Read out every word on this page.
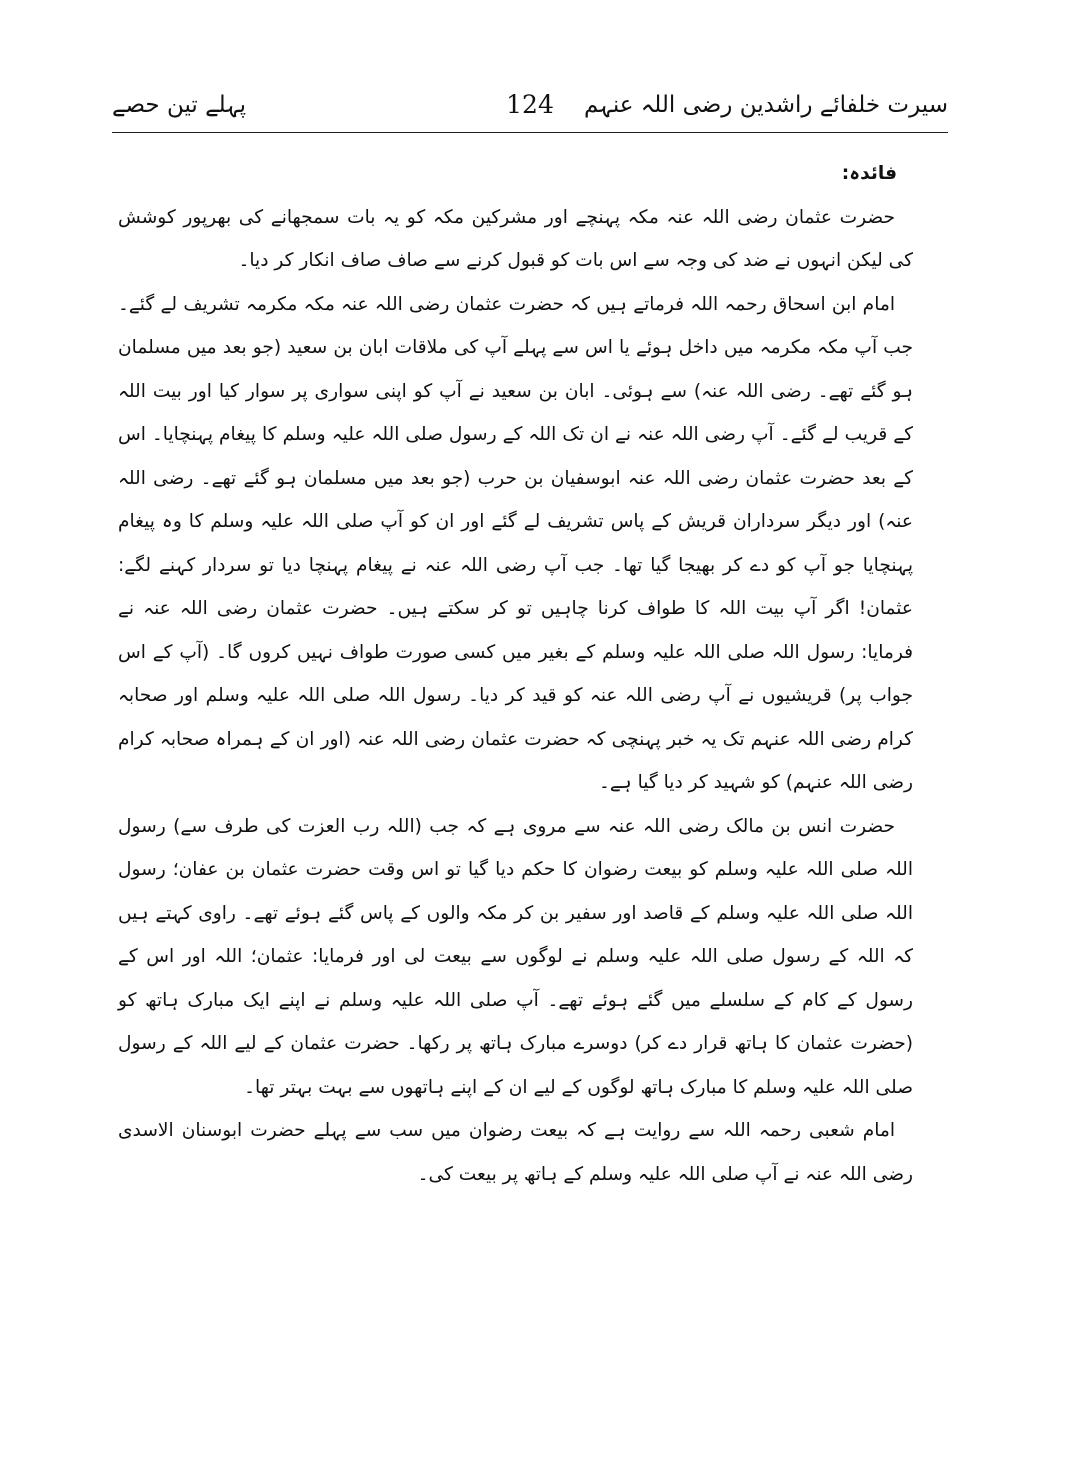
سیرت خلفائے راشدین رضی اللہ عنہم
124
پہلے تین حصے
فائدہ:

حضرت عثمان رضی اللہ عنہ مکہ پہنچے اور مشرکین مکہ کو یہ بات سمجھانے کی بھرپور کوشش کی لیکن انہوں نے ضد کی وجہ سے اس بات کو قبول کرنے سے صاف صاف انکار کر دیا۔

امام ابن اسحاق رحمہ اللہ فرماتے ہیں کہ حضرت عثمان رضی اللہ عنہ مکہ مکرمہ تشریف لے گئے۔ جب آپ مکہ مکرمہ میں داخل ہوئے یا اس سے پہلے آپ کی ملاقات ابان بن سعید (جو بعد میں مسلمان ہو گئے تھے۔ رضی اللہ عنہ) سے ہوئی۔ ابان بن سعید نے آپ کو اپنی سواری پر سوار کیا اور بیت اللہ کے قریب لے گئے۔ آپ رضی اللہ عنہ نے ان تک اللہ کے رسول صلی اللہ علیہ وسلم کا پیغام پہنچایا۔ اس کے بعد حضرت عثمان رضی اللہ عنہ ابوسفیان بن حرب (جو بعد میں مسلمان ہو گئے تھے۔ رضی اللہ عنہ) اور دیگر سرداران قریش کے پاس تشریف لے گئے اور ان کو آپ صلی اللہ علیہ وسلم کا وہ پیغام پہنچایا جو آپ کو دے کر بھیجا گیا تھا۔ جب آپ رضی اللہ عنہ نے پیغام پہنچا دیا تو سردار کہنے لگے: عثمان! اگر آپ بیت اللہ کا طواف کرنا چاہیں تو کر سکتے ہیں۔ حضرت عثمان رضی اللہ عنہ نے فرمایا: رسول اللہ صلی اللہ علیہ وسلم کے بغیر میں کسی صورت طواف نہیں کروں گا۔ (آپ کے اس جواب پر) قریشیوں نے آپ رضی اللہ عنہ کو قید کر دیا۔ رسول اللہ صلی اللہ علیہ وسلم اور صحابہ کرام رضی اللہ عنہم تک یہ خبر پہنچی کہ حضرت عثمان رضی اللہ عنہ (اور ان کے ہمراہ صحابہ کرام رضی اللہ عنہم) کو شہید کر دیا گیا ہے۔

حضرت انس بن مالک رضی اللہ عنہ سے مروی ہے کہ جب (اللہ رب العزت کی طرف سے) رسول اللہ صلی اللہ علیہ وسلم کو بیعت رضوان کا حکم دیا گیا تو اس وقت حضرت عثمان بن عفان؛ رسول اللہ صلی اللہ علیہ وسلم کے قاصد اور سفیر بن کر مکہ والوں کے پاس گئے ہوئے تھے۔ راوی کہتے ہیں کہ اللہ کے رسول صلی اللہ علیہ وسلم نے لوگوں سے بیعت لی اور فرمایا: عثمان؛ اللہ اور اس کے رسول کے کام کے سلسلے میں گئے ہوئے تھے۔ آپ صلی اللہ علیہ وسلم نے اپنے ایک مبارک ہاتھ کو (حضرت عثمان کا ہاتھ قرار دے کر) دوسرے مبارک ہاتھ پر رکھا۔ حضرت عثمان کے لیے اللہ کے رسول صلی اللہ علیہ وسلم کا مبارک ہاتھ لوگوں کے لیے ان کے اپنے ہاتھوں سے بہت بہتر تھا۔

امام شعبی رحمہ اللہ سے روایت ہے کہ بیعت رضوان میں سب سے پہلے حضرت ابوسنان الاسدی رضی اللہ عنہ نے آپ صلی اللہ علیہ وسلم کے ہاتھ پر بیعت کی۔
